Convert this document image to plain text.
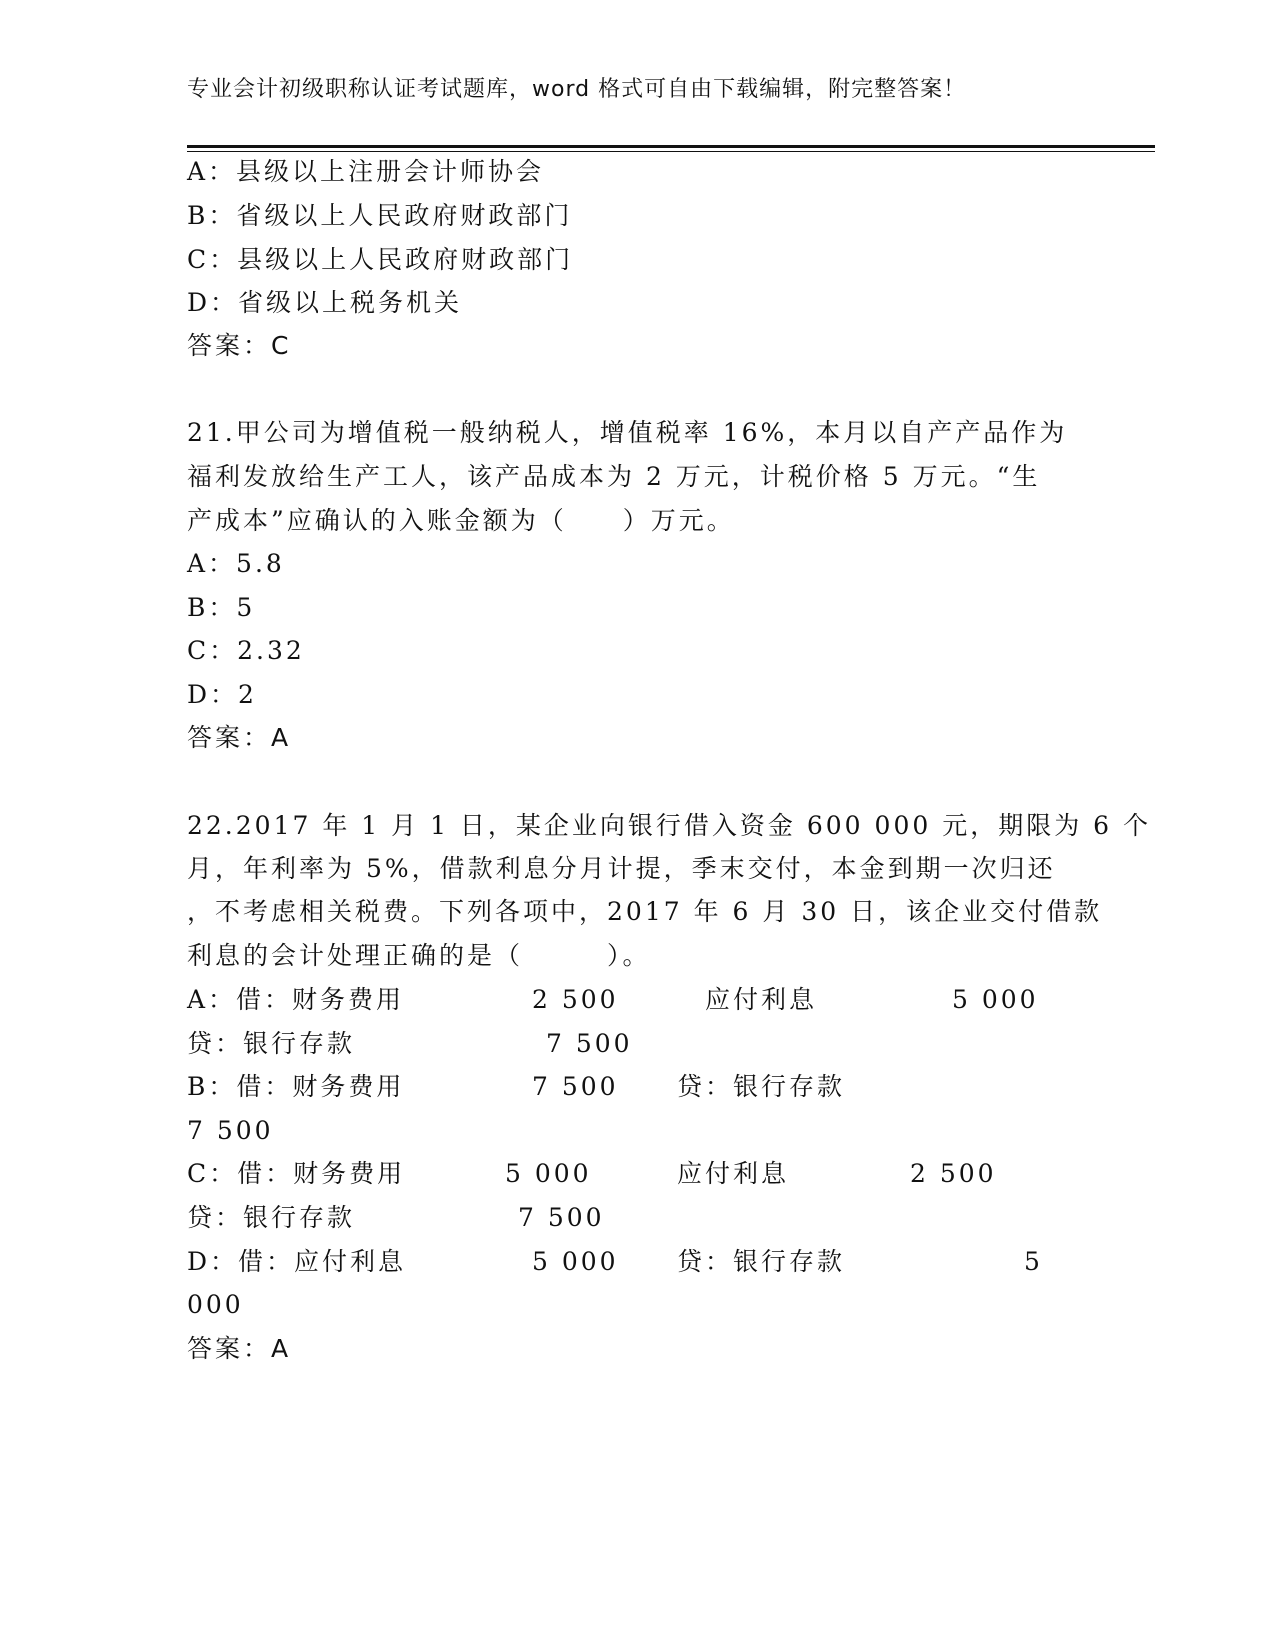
专业会计初级职称认证考试题库，word 格式可自由下载编辑，附完整答案！
A：县级以上注册会计师协会
B：省级以上人民政府财政部门
C：县级以上人民政府财政部门
D：省级以上税务机关
答案：C
21.甲公司为增值税一般纳税人，增值税率 16%，本月以自产产品作为
福利发放给生产工人，该产品成本为 2 万元，计税价格 5 万元。“生
产成本”应确认的入账金额为（　　）万元。
A：5.8
B：5
C：2.32
D：2
答案：A
22.2017 年 1 月 1 日，某企业向银行借入资金 600 000 元，期限为 6 个
月，年利率为 5%，借款利息分月计提，季末交付，本金到期一次归还
，不考虑相关税费。下列各项中，2017 年 6 月 30 日，该企业交付借款
利息的会计处理正确的是（　　　）。
A：借：财务费用	2 500	应付利息	5 000
贷：银行存款	7 500
B：借：财务费用	7 500 贷：银行存款
7 500
C：借：财务费用	5 000	应付利息	2 500
贷：银行存款	7 500
D：借：应付利息	5 000 贷：银行存款	5
000
答案：A
